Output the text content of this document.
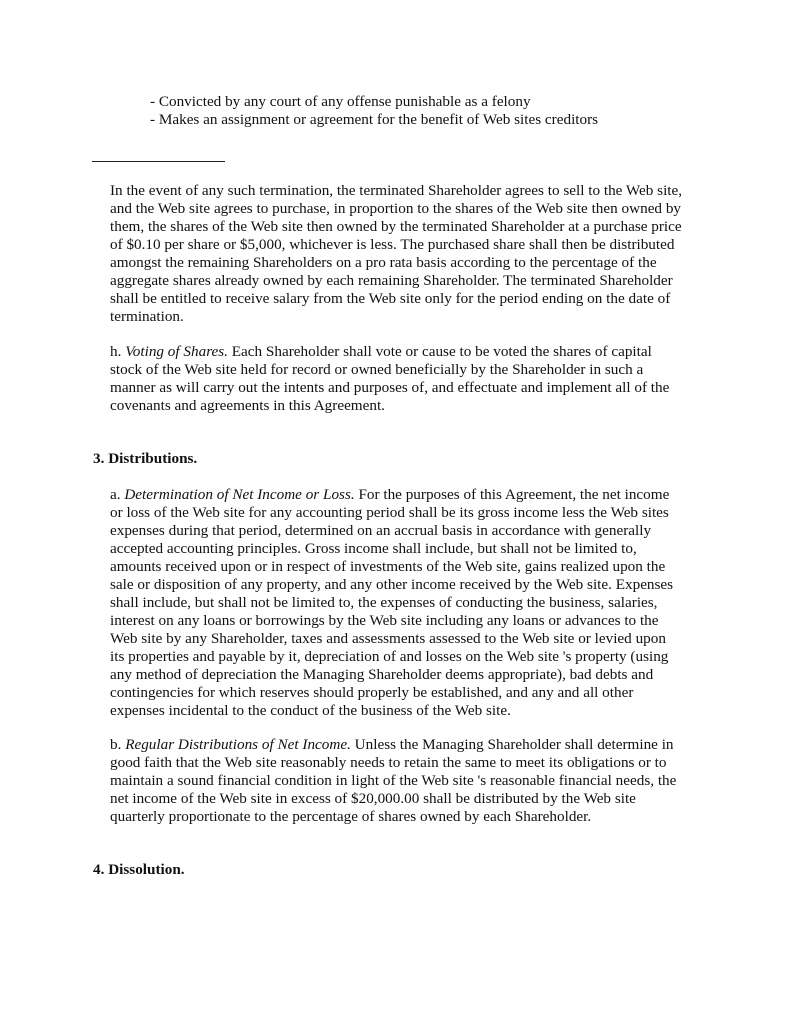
- Convicted by any court of any offense punishable as a felony
- Makes an assignment or agreement for the benefit of Web sites creditors
In the event of any such termination, the terminated Shareholder agrees to sell to the Web site,
and the Web site agrees to purchase, in proportion to the shares of the Web site then owned by
them, the shares of the Web site then owned by the terminated Shareholder at a purchase price
of $0.10 per share or $5,000, whichever is less. The purchased share shall then be distributed
amongst the remaining Shareholders on a pro rata basis according to the percentage of the
aggregate shares already owned by each remaining Shareholder. The terminated Shareholder
shall be entitled to receive salary from the Web site only for the period ending on the date of
termination.
h. Voting of Shares. Each Shareholder shall vote or cause to be voted the shares of capital
stock of the Web site held for record or owned beneficially by the Shareholder in such a
manner as will carry out the intents and purposes of, and effectuate and implement all of the
covenants and agreements in this Agreement.
3. Distributions.
a. Determination of Net Income or Loss. For the purposes of this Agreement, the net income
or loss of the Web site for any accounting period shall be its gross income less the Web sites
expenses during that period, determined on an accrual basis in accordance with generally
accepted accounting principles. Gross income shall include, but shall not be limited to,
amounts received upon or in respect of investments of the Web site, gains realized upon the
sale or disposition of any property, and any other income received by the Web site. Expenses
shall include, but shall not be limited to, the expenses of conducting the business, salaries,
interest on any loans or borrowings by the Web site including any loans or advances to the
Web site by any Shareholder, taxes and assessments assessed to the Web site or levied upon
its properties and payable by it, depreciation of and losses on the Web site 's property (using
any method of depreciation the Managing Shareholder deems appropriate), bad debts and
contingencies for which reserves should properly be established, and any and all other
expenses incidental to the conduct of the business of the Web site.
b. Regular Distributions of Net Income. Unless the Managing Shareholder shall determine in
good faith that the Web site reasonably needs to retain the same to meet its obligations or to
maintain a sound financial condition in light of the Web site 's reasonable financial needs, the
net income of the Web site in excess of $20,000.00 shall be distributed by the Web site
quarterly proportionate to the percentage of shares owned by each Shareholder.
4. Dissolution.
